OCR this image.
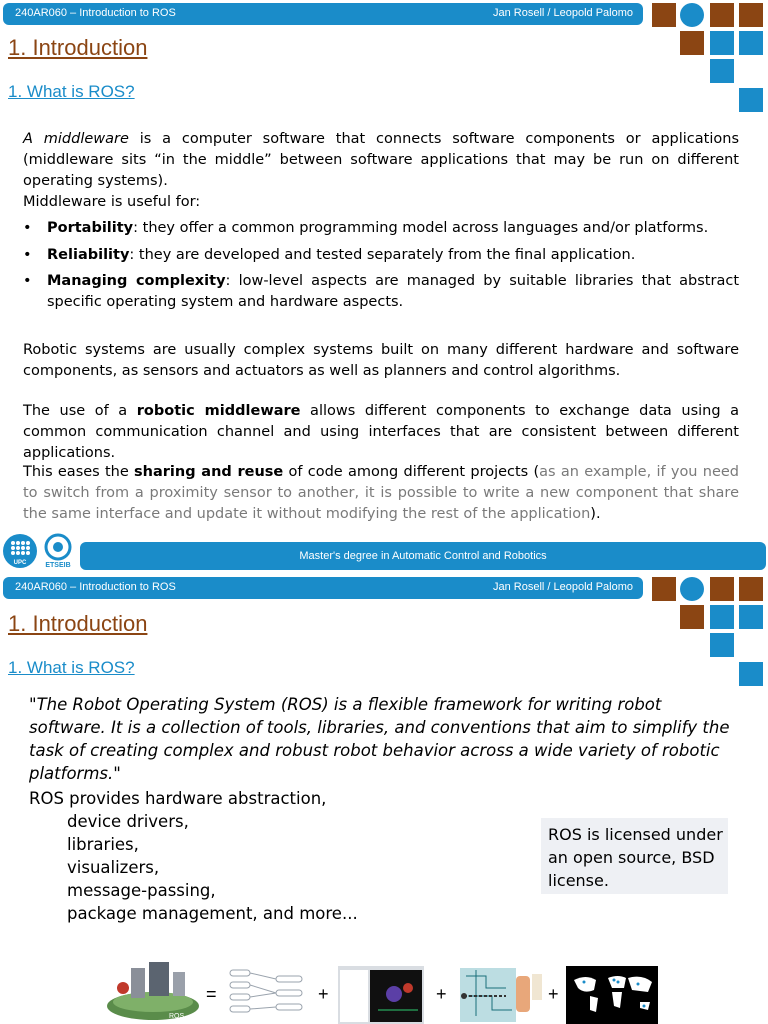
240AR060 – Introduction to ROS	Jan Rosell / Leopold Palomo
1. Introduction
1. What is ROS?
A middleware is a computer software that connects software components or applications (middleware sits “in the middle” between software applications that may be run on different operating systems).
Middleware is useful for:
• Portability: they offer a common programming model across languages and/or platforms.
• Reliability: they are developed and tested separately from the final application.
• Managing complexity: low-level aspects are managed by suitable libraries that abstract specific operating system and hardware aspects.
Robotic systems are usually complex systems built on many different hardware and software components, as sensors and actuators as well as planners and control algorithms.
The use of a robotic middleware allows different components to exchange data using a common communication channel and using interfaces that are consistent between different applications.
This eases the sharing and reuse of code among different projects (as an example, if you need to switch from a proximity sensor to another, it is possible to write a new component that share the same interface and update it without modifying the rest of the application).
UPC	ETSEIB
Master's degree in Automatic Control and Robotics
240AR060 – Introduction to ROS	Jan Rosell / Leopold Palomo
1. Introduction
1. What is ROS?
"The Robot Operating System (ROS) is a flexible framework for writing robot software. It is a collection of tools, libraries, and conventions that aim to simplify the task of creating complex and robust robot behavior across a wide variety of robotic platforms."
ROS provides hardware abstraction,
device drivers,
libraries,
visualizers,
message-passing,
package management, and more...
ROS is licensed under an open source, BSD license.
ROS
=	+	+	+
